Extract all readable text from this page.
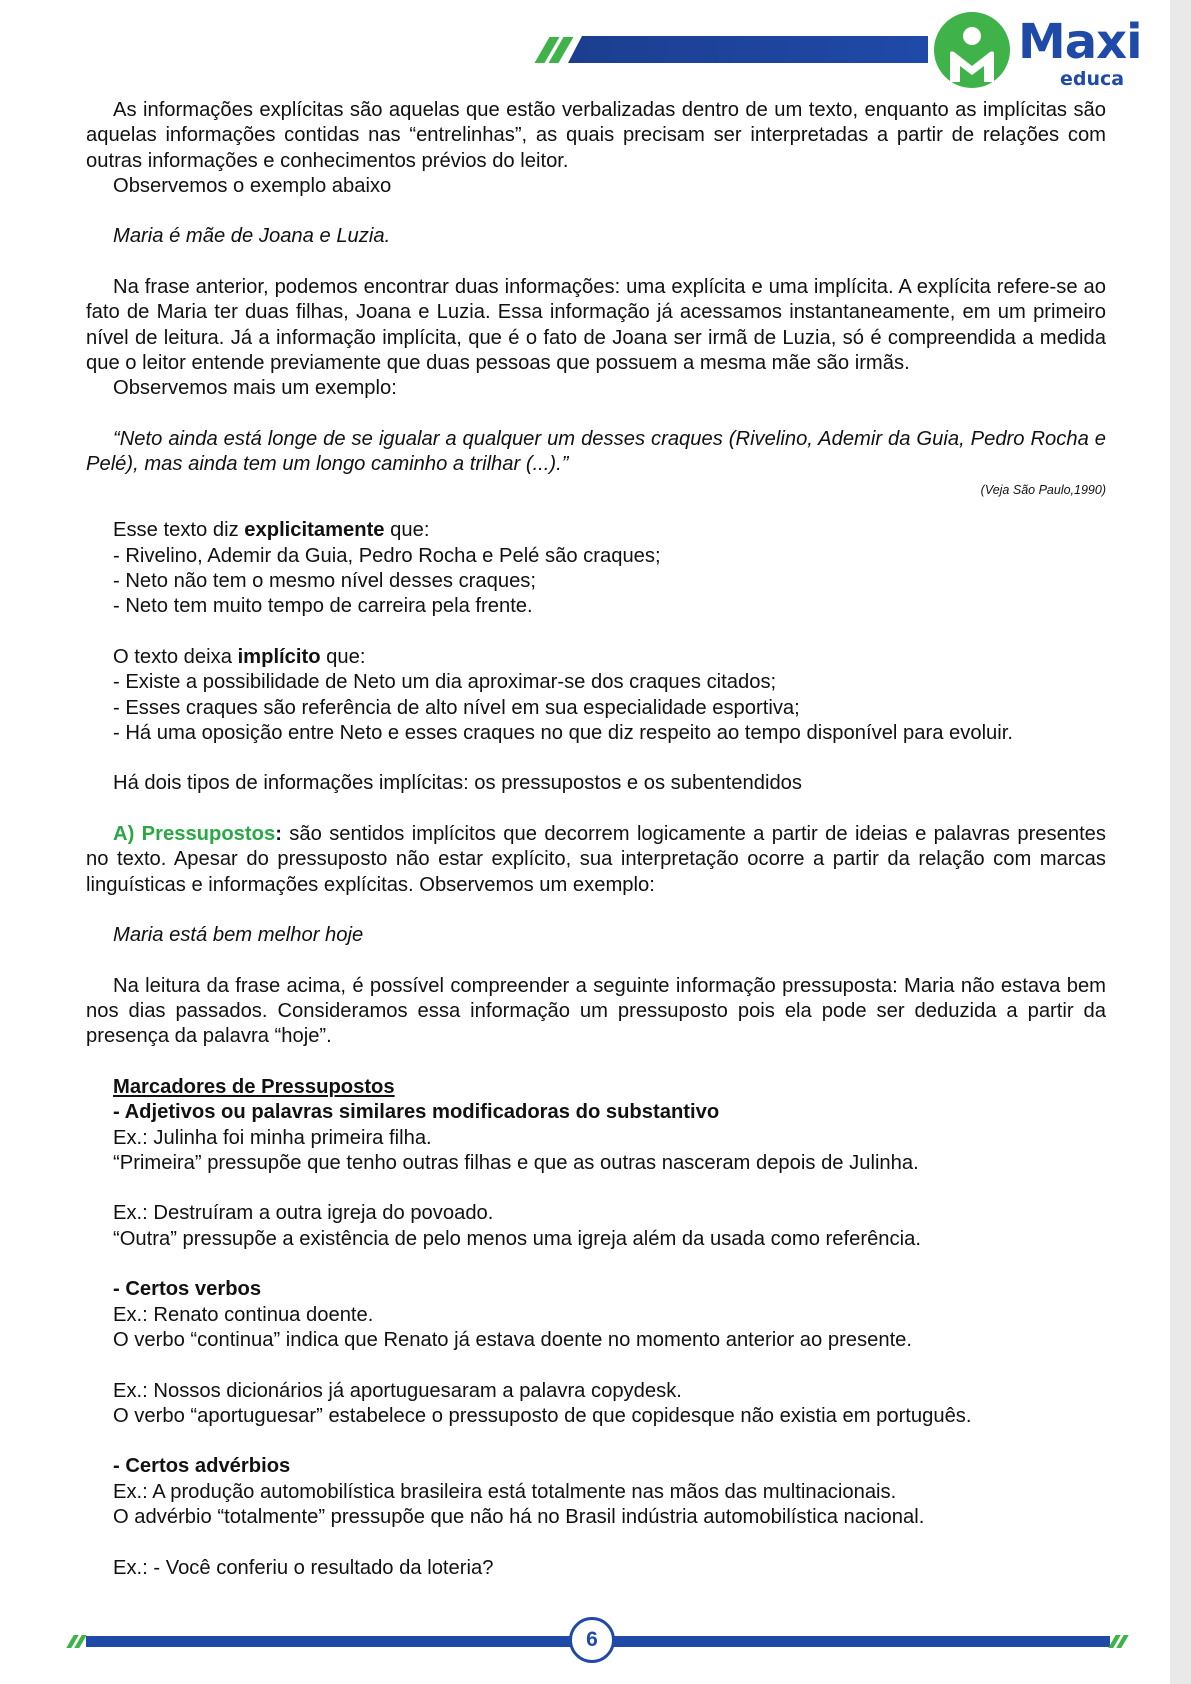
Maxi
educa

As informações explícitas são aquelas que estão verbalizadas dentro de um texto, enquanto as implícitas são aquelas informações contidas nas “entrelinhas”, as quais precisam ser interpretadas a partir de relações com outras informações e conhecimentos prévios do leitor.

Observemos o exemplo abaixo

Maria é mãe de Joana e Luzia.

Na frase anterior, podemos encontrar duas informações: uma explícita e uma implícita. A explícita refere-se ao fato de Maria ter duas filhas, Joana e Luzia. Essa informação já acessamos instantaneamente, em um primeiro nível de leitura. Já a informação implícita, que é o fato de Joana ser irmã de Luzia, só é compreendida a medida que o leitor entende previamente que duas pessoas que possuem a mesma mãe são irmãs.

Observemos mais um exemplo:

“Neto ainda está longe de se igualar a qualquer um desses craques (Rivelino, Ademir da Guia, Pedro Rocha e Pelé), mas ainda tem um longo caminho a trilhar (...).”

(Veja São Paulo,1990)

Esse texto diz explicitamente que:

- Rivelino, Ademir da Guia, Pedro Rocha e Pelé são craques;

- Neto não tem o mesmo nível desses craques;

- Neto tem muito tempo de carreira pela frente.

O texto deixa implícito que:

- Existe a possibilidade de Neto um dia aproximar-se dos craques citados;

- Esses craques são referência de alto nível em sua especialidade esportiva;

- Há uma oposição entre Neto e esses craques no que diz respeito ao tempo disponível para evoluir.

Há dois tipos de informações implícitas: os pressupostos e os subentendidos

A) Pressupostos: são sentidos implícitos que decorrem logicamente a partir de ideias e palavras presentes no texto. Apesar do pressuposto não estar explícito, sua interpretação ocorre a partir da relação com marcas linguísticas e informações explícitas. Observemos um exemplo:

Maria está bem melhor hoje

Na leitura da frase acima, é possível compreender a seguinte informação pressuposta: Maria não estava bem nos dias passados. Consideramos essa informação um pressuposto pois ela pode ser deduzida a partir da presença da palavra “hoje”.

Marcadores de Pressupostos

- Adjetivos ou palavras similares modificadoras do substantivo

Ex.: Julinha foi minha primeira filha.

“Primeira” pressupõe que tenho outras filhas e que as outras nasceram depois de Julinha.

Ex.: Destruíram a outra igreja do povoado.

“Outra” pressupõe a existência de pelo menos uma igreja além da usada como referência.

- Certos verbos

Ex.: Renato continua doente.

O verbo “continua” indica que Renato já estava doente no momento anterior ao presente.

Ex.: Nossos dicionários já aportuguesaram a palavra copydesk.

O verbo “aportuguesar” estabelece o pressuposto de que copidesque não existia em português.

- Certos advérbios

Ex.: A produção automobilística brasileira está totalmente nas mãos das multinacionais.

O advérbio “totalmente” pressupõe que não há no Brasil indústria automobilística nacional.

Ex.: - Você conferiu o resultado da loteria?

6
